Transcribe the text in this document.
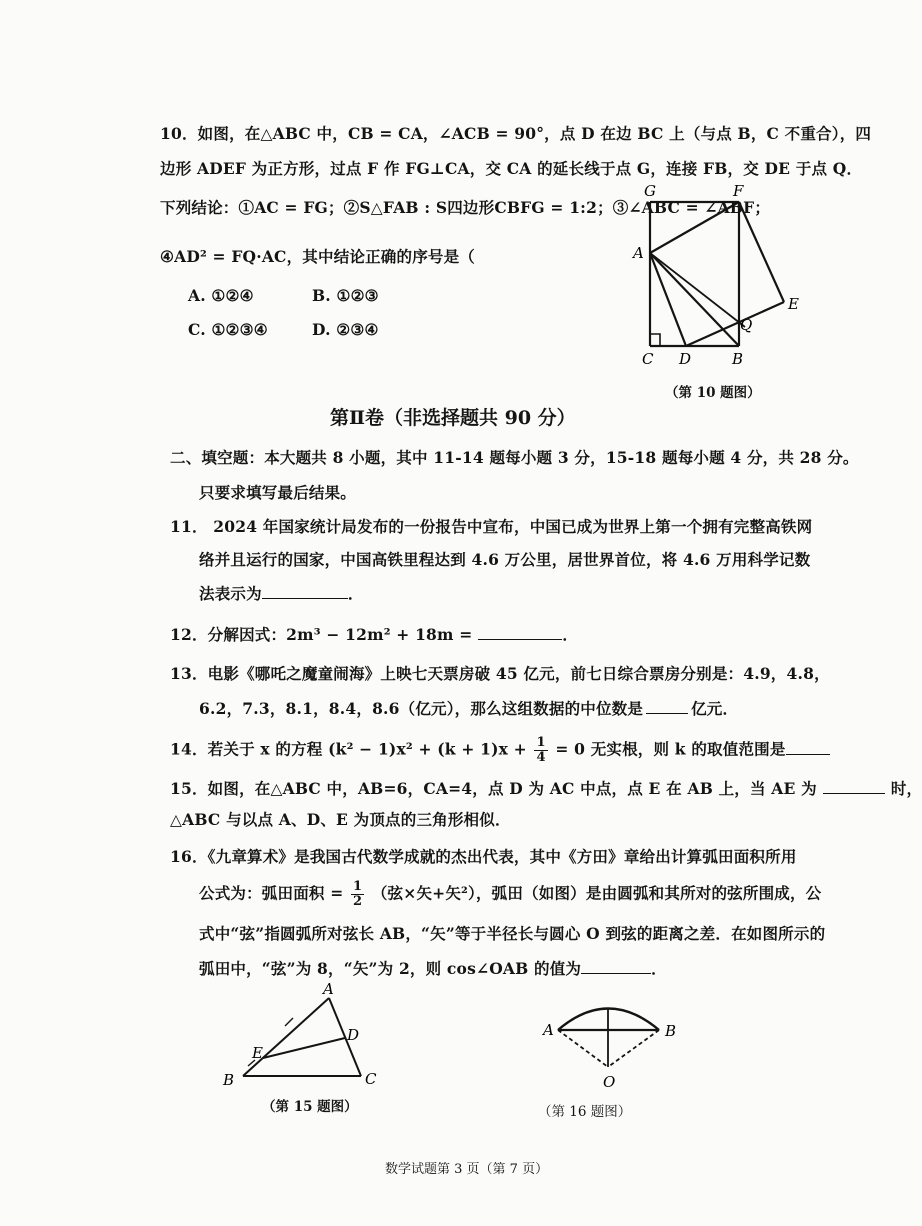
10．如图，在△ABC 中，CB = CA，∠ACB = 90°，点 D 在边 BC 上（与点 B，C 不重合），四
边形 ADEF 为正方形，过点 F 作 FG⊥CA，交 CA 的延长线于点 G，连接 FB，交 DE 于点 Q．
下列结论：①AC = FG；②S△FAB : S四边形CBFG = 1:2；③∠ABC = ∠ABF；
④AD² = FQ·AC，其中结论正确的序号是（
A. ①②④	B. ①②③
C. ①②③④	D. ②③④
G	F
A
E
Q
C D	B
（第 10 题图）
第Ⅱ卷（非选择题共 90 分）
二、填空题：本大题共 8 小题，其中 11-14 题每小题 3 分，15-18 题每小题 4 分，共 28 分。
只要求填写最后结果。
11． 2024 年国家统计局发布的一份报告中宣布，中国已成为世界上第一个拥有完整高铁网
络并且运行的国家，中国高铁里程达到 4.6 万公里，居世界首位，将 4.6 万用科学记数
法表示为	．
12．分解因式：2m³ − 12m² + 18m =	．
13．电影《哪吒之魔童闹海》上映七天票房破 45 亿元，前七日综合票房分别是：4.9，4.8，
6.2，7.3，8.1，8.4，8.6（亿元），那么这组数据的中位数是	亿元．
14．若关于 x 的方程 $(k^2 - 1)x^2 + (k + 1)x + \frac{1}{4} = 0$ 无实根，则 k 的取值范围是
15．如图，在△ABC 中，AB=6，CA=4，点 D 为 AC 中点，点 E 在 AB 上，当 AE 为	时，
△ABC 与以点 A、D、E 为顶点的三角形相似．
16．《九章算术》是我国古代数学成就的杰出代表，其中《方田》章给出计算弧田面积所用
公式为：弧田面积 = $\frac{1}{2}$ （弦×矢+矢²），弧田（如图）是由圆弧和其所对的弦所围成，公
式中“弦”指圆弧所对弦长 AB，“矢”等于半径长与圆心 O 到弦的距离之差．在如图所示的
弧田中，“弦”为 8，“矢”为 2，则 cos∠OAB 的值为	．
A
D
E
B	C
（第 15 题图）
A	B
O
（第 16 题图）
数学试题第 3 页（第 7 页）
